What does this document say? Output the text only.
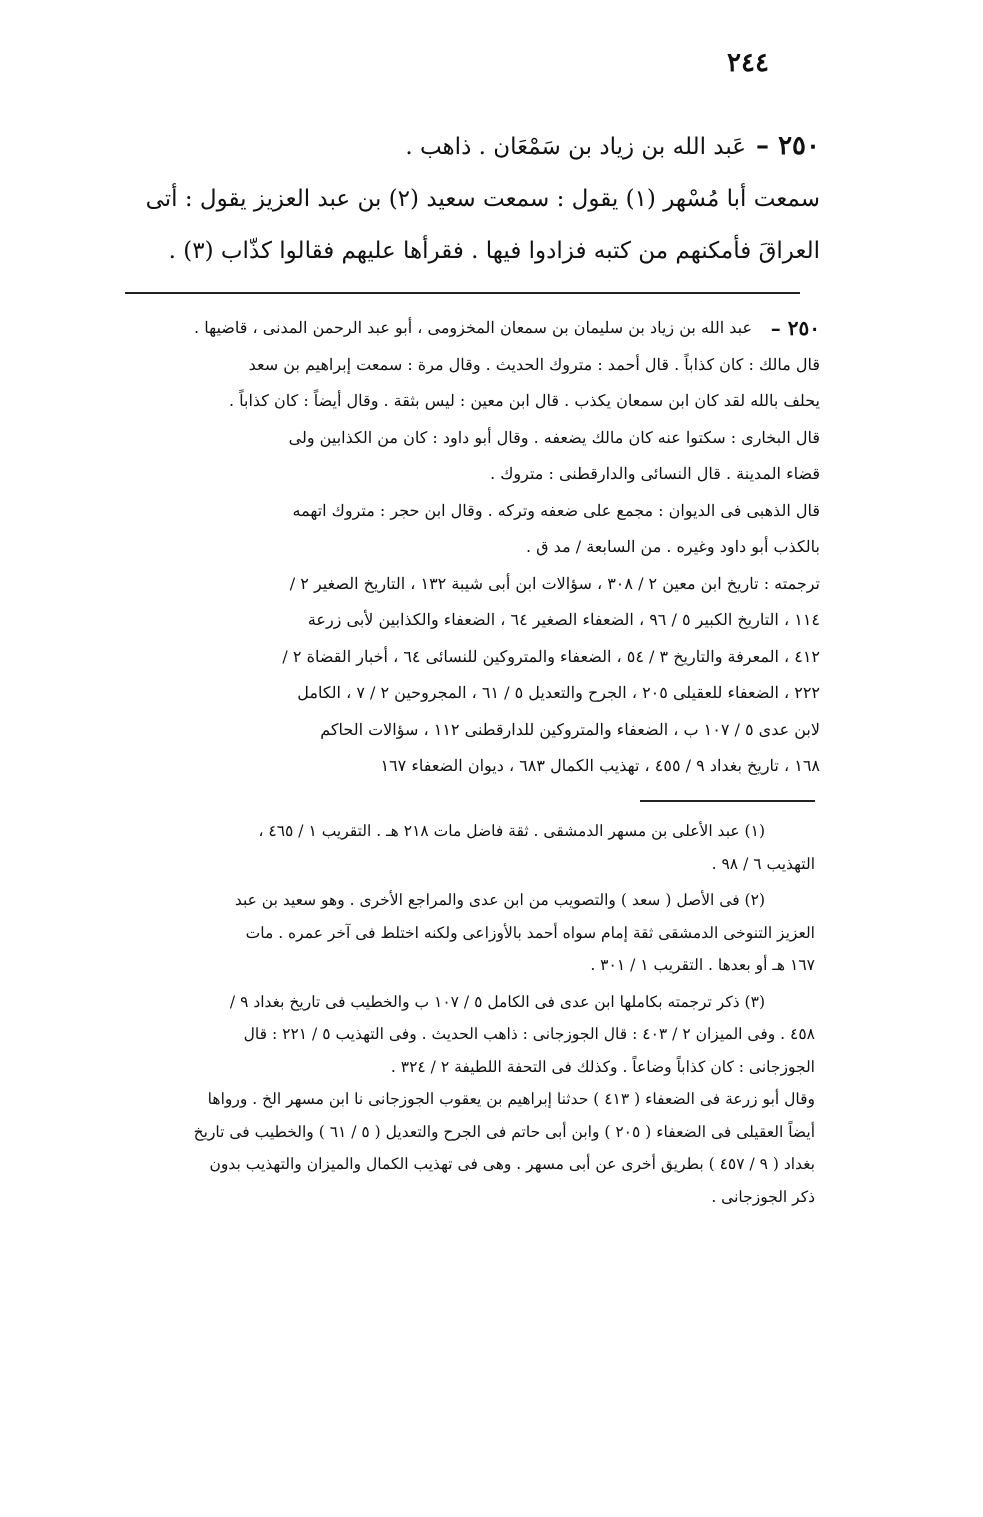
٢٤٤
٢٥٠ –عَبد الله بن زياد بن سَمْعَان . ذاهب .
سمعت أبا مُسْهر (١) يقول : سمعت سعيد (٢) بن عبد العزيز يقول : أتى
العراقَ فأمكنهم من كتبه فزادوا فيها . فقرأها عليهم فقالوا كذّاب (٣) .
٢٥٠ –
عبد الله بن زياد بن سليمان بن سمعان المخزومى ، أبو عبد الرحمن المدنى ، قاضيها .
قال مالك : كان كذاباً . قال أحمد : متروك الحديث . وقال مرة : سمعت إبراهيم بن سعد
يحلف بالله لقد كان ابن سمعان يكذب . قال ابن معين : ليس بثقة . وقال أيضاً : كان كذاباً .
قال البخارى : سكتوا عنه كان مالك يضعفه . وقال أبو داود : كان من الكذابين ولى
قضاء المدينة . قال النسائى والدارقطنى : متروك .
قال الذهبى فى الديوان : مجمع على ضعفه وتركه . وقال ابن حجر : متروك اتهمه
بالكذب أبو داود وغيره . من السابعة / مد ق .
ترجمته : تاريخ ابن معين ٢ / ٣٠٨ ، سؤالات ابن أبى شيبة ١٣٢ ، التاريخ الصغير ٢ /
١١٤ ، التاريخ الكبير ٥ / ٩٦ ، الضعفاء الصغير ٦٤ ، الضعفاء والكذابين لأبى زرعة
٤١٢ ، المعرفة والتاريخ ٣ / ٥٤ ، الضعفاء والمتروكين للنسائى ٦٤ ، أخبار القضاة ٢ /
٢٢٢ ، الضعفاء للعقيلى ٢٠٥ ، الجرح والتعديل ٥ / ٦١ ، المجروحين ٢ / ٧ ، الكامل
لابن عدى ٥ / ١٠٧ ب ، الضعفاء والمتروكين للدارقطنى ١١٢ ، سؤالات الحاكم
١٦٨ ، تاريخ بغداد ٩ / ٤٥٥ ، تهذيب الكمال ٦٨٣ ، ديوان الضعفاء ١٦٧
(١) عبد الأعلى بن مسهر الدمشقى . ثقة فاضل مات ٢١٨ هـ . التقريب ١ / ٤٦٥ ،
التهذيب ٦ / ٩٨ .
(٢) فى الأصل ( سعد ) والتصويب من ابن عدى والمراجع الأخرى . وهو سعيد بن عبد
العزيز التنوخى الدمشقى ثقة إمام سواه أحمد بالأوزاعى ولكنه اختلط فى آخر عمره . مات
١٦٧ هـ أو بعدها . التقريب ١ / ٣٠١ .
(٣) ذكر ترجمته بكاملها ابن عدى فى الكامل ٥ / ١٠٧ ب والخطيب فى تاريخ بغداد ٩ /
٤٥٨ . وفى الميزان ٢ / ٤٠٣ : قال الجوزجانى : ذاهب الحديث . وفى التهذيب ٥ / ٢٢١ : قال
الجوزجانى : كان كذاباً وضاعاً . وكذلك فى التحفة اللطيفة ٢ / ٣٢٤ .
وقال أبو زرعة فى الضعفاء ( ٤١٣ ) حدثنا إبراهيم بن يعقوب الجوزجانى نا ابن مسهر الخ . ورواها
أيضاً العقيلى فى الضعفاء ( ٢٠٥ ) وابن أبى حاتم فى الجرح والتعديل ( ٥ / ٦١ ) والخطيب فى تاريخ
بغداد ( ٩ / ٤٥٧ ) بطريق أخرى عن أبى مسهر . وهى فى تهذيب الكمال والميزان والتهذيب بدون
ذكر الجوزجانى .
